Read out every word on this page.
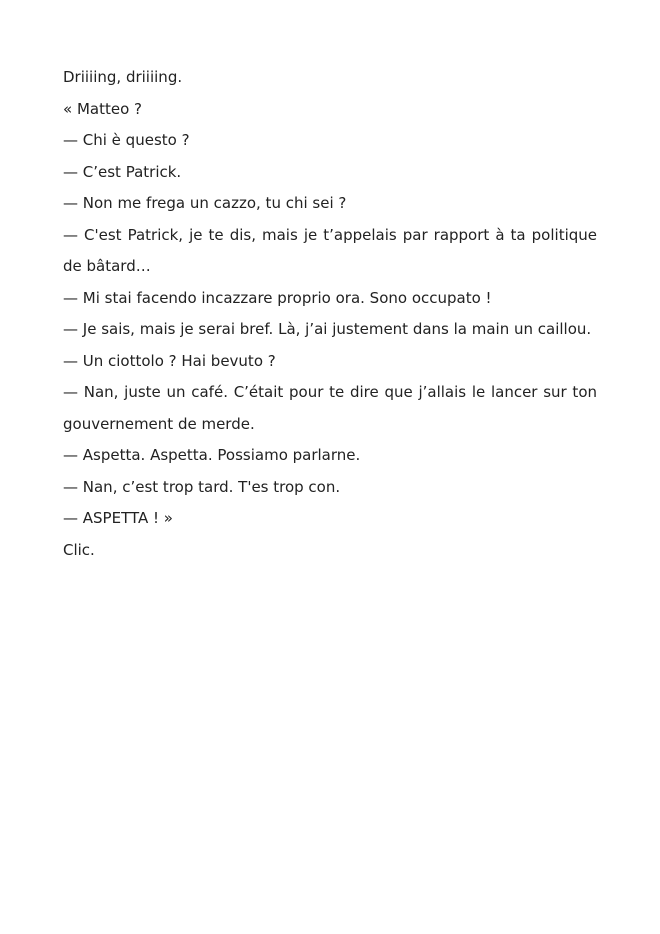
Driiiing, driiiing.

« Matteo ?

— Chi è questo ?

— C’est Patrick.

— Non me frega un cazzo, tu chi sei ?

— C'est Patrick, je te dis, mais je t’appelais par rapport à ta politique de bâtard…

— Mi stai facendo incazzare proprio ora. Sono occupato !

— Je sais, mais je serai bref. Là, j’ai justement dans la main un caillou.

— Un ciottolo ? Hai bevuto ?

— Nan, juste un café. C’était pour te dire que j’allais le lancer sur ton gouvernement de merde.

— Aspetta. Aspetta. Possiamo parlarne.

— Nan, c’est trop tard. T'es trop con.

— ASPETTA ! »

Clic.
